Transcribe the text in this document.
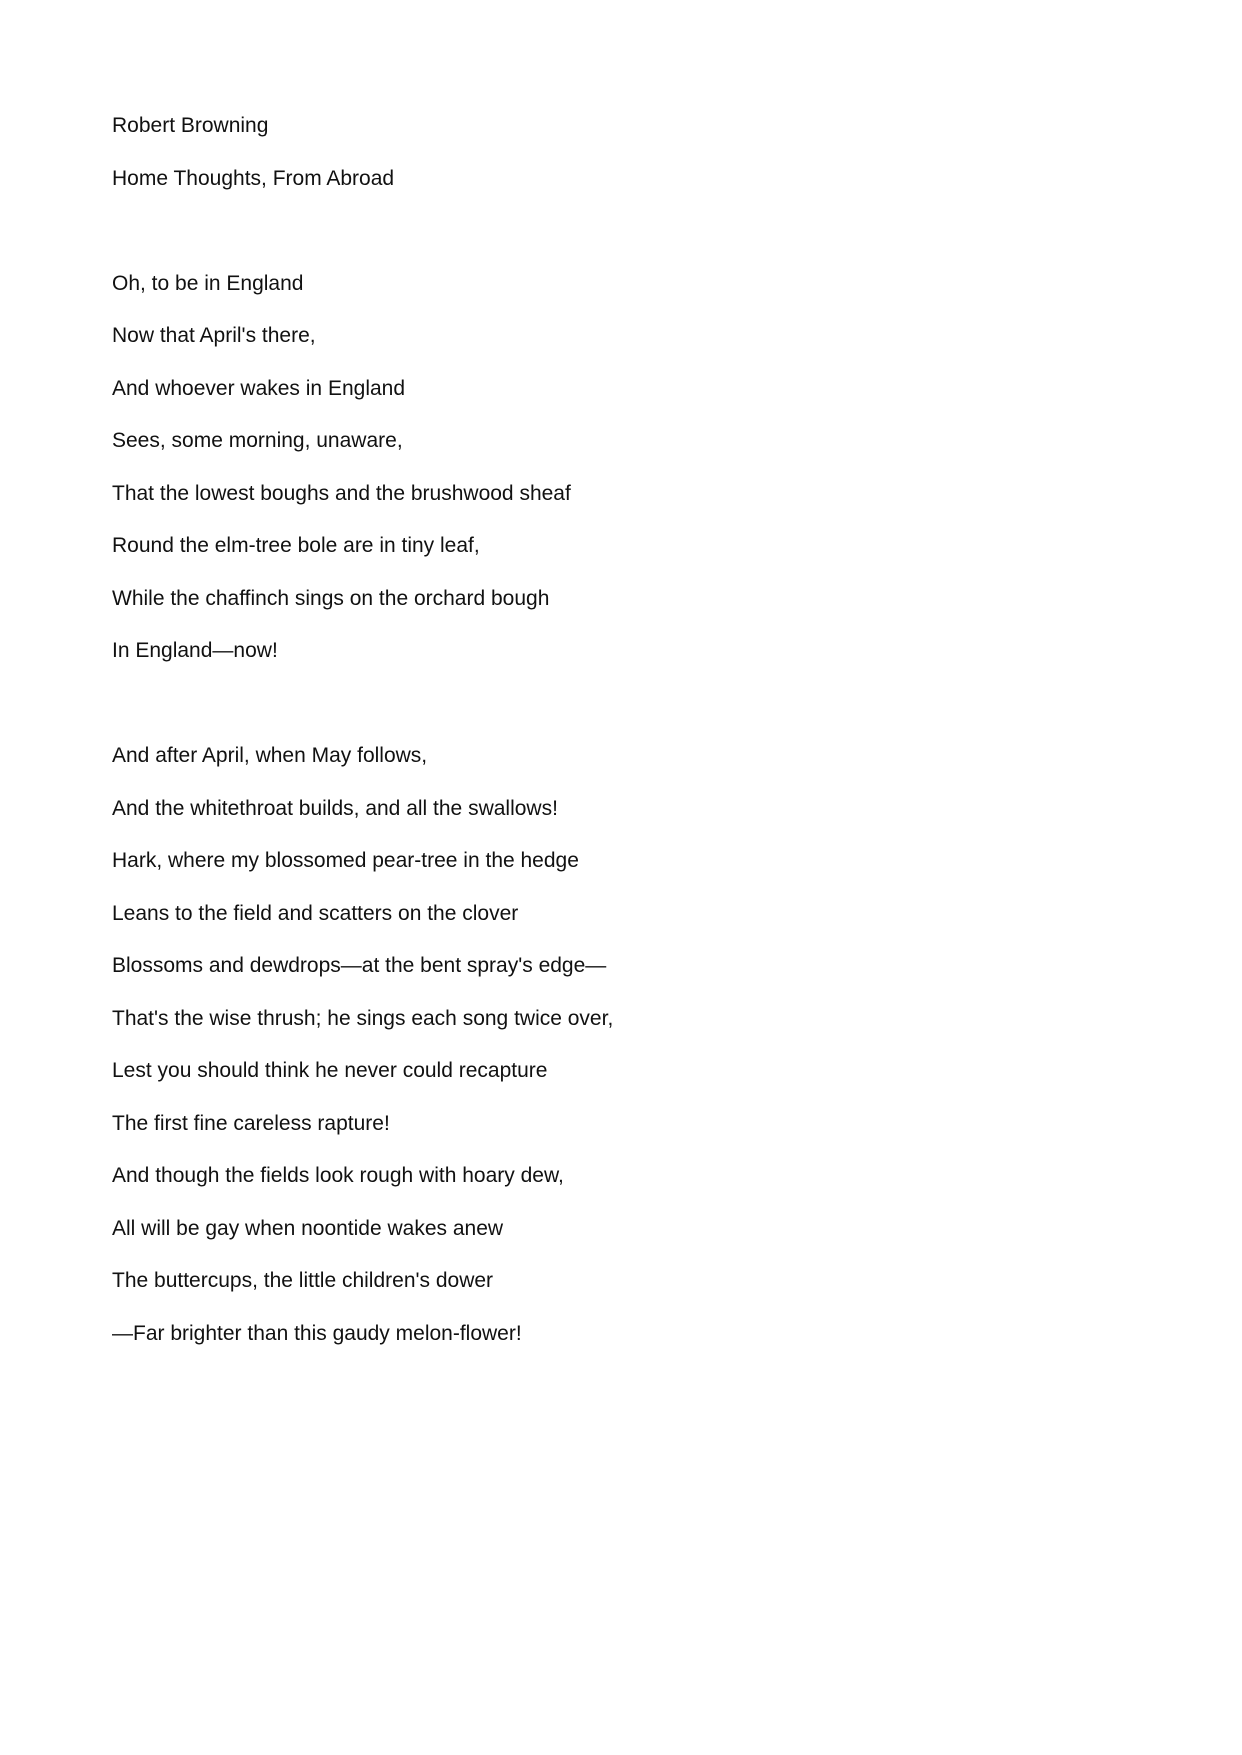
Robert Browning
Home Thoughts, From Abroad
Oh, to be in England
Now that April's there,
And whoever wakes in England
Sees, some morning, unaware,
That the lowest boughs and the brushwood sheaf
Round the elm-tree bole are in tiny leaf,
While the chaffinch sings on the orchard bough
In England—now!
And after April, when May follows,
And the whitethroat builds, and all the swallows!
Hark, where my blossomed pear-tree in the hedge
Leans to the field and scatters on the clover
Blossoms and dewdrops—at the bent spray's edge—
That's the wise thrush; he sings each song twice over,
Lest you should think he never could recapture
The first fine careless rapture!
And though the fields look rough with hoary dew,
All will be gay when noontide wakes anew
The buttercups, the little children's dower
—Far brighter than this gaudy melon-flower!
